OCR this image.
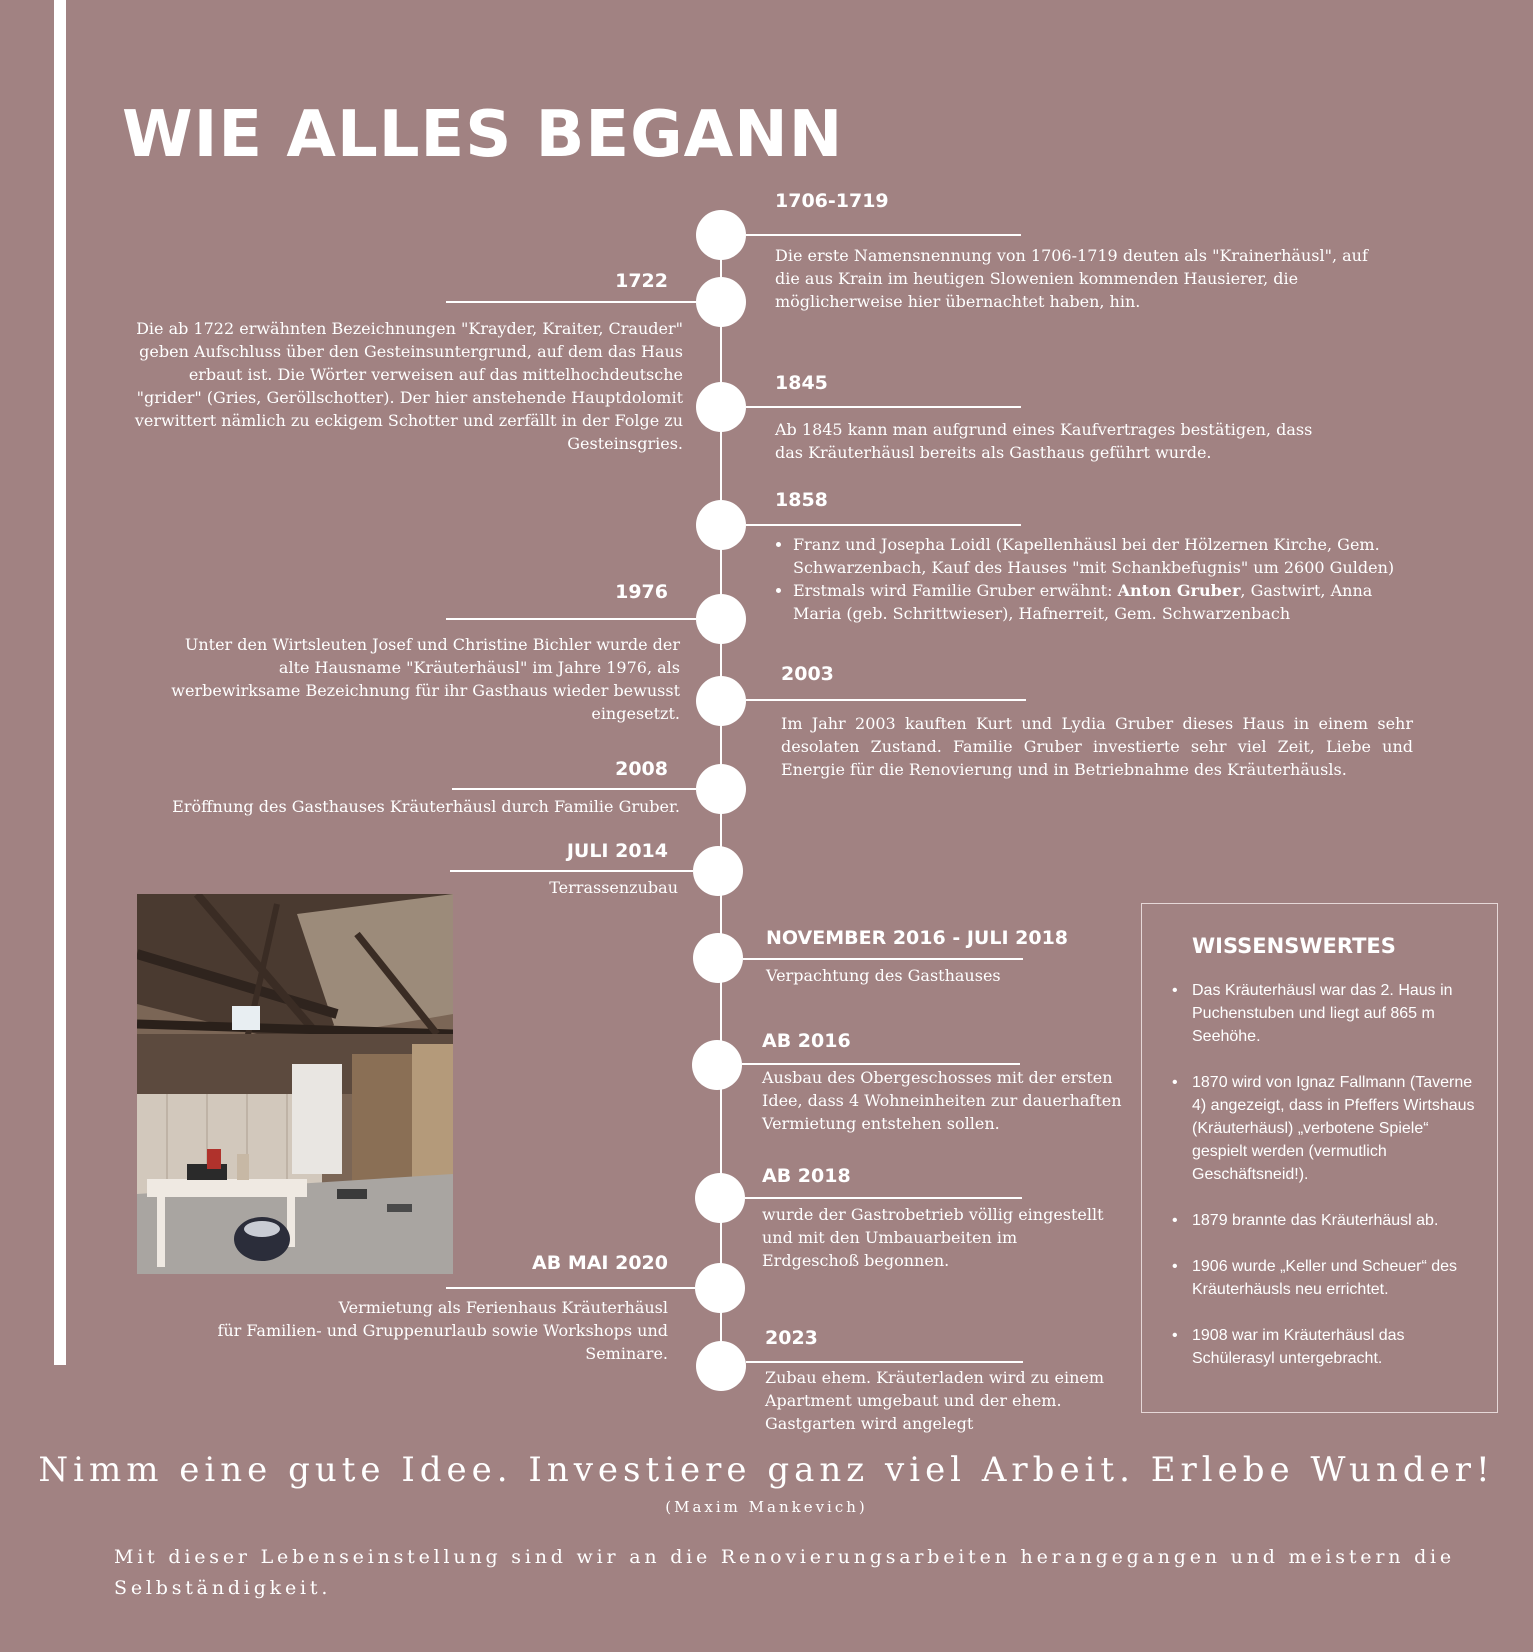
WIE ALLES BEGANN
1706-1719
Die erste Namensnennung von 1706-1719 deuten als "Krainerhäusl", auf die aus Krain im heutigen Slowenien kommenden Hausierer, die möglicherweise hier übernachtet haben, hin.
1722
Die ab 1722 erwähnten Bezeichnungen "Krayder, Kraiter, Crauder" geben Aufschluss über den Gesteinsuntergrund, auf dem das Haus erbaut ist. Die Wörter verweisen auf das mittelhochdeutsche "grider" (Gries, Geröllschotter). Der hier anstehende Hauptdolomit verwittert nämlich zu eckigem Schotter und zerfällt in der Folge zu Gesteinsgries.
1845
Ab 1845 kann man aufgrund eines Kaufvertrages bestätigen, dass das Kräuterhäusl bereits als Gasthaus geführt wurde.
1858
• Franz und Josepha Loidl (Kapellenhäusl bei der Hölzernen Kirche, Gem. Schwarzenbach, Kauf des Hauses "mit Schankbefugnis" um 2600 Gulden)
• Erstmals wird Familie Gruber erwähnt: Anton Gruber, Gastwirt, Anna Maria (geb. Schrittwieser), Hafnerreit, Gem. Schwarzenbach
1976
Unter den Wirtsleuten Josef und Christine Bichler wurde der alte Hausname "Kräuterhäusl" im Jahre 1976, als werbewirksame Bezeichnung für ihr Gasthaus wieder bewusst eingesetzt.
2003
Im Jahr 2003 kauften Kurt und Lydia Gruber dieses Haus in einem sehr desolaten Zustand. Familie Gruber investierte sehr viel Zeit, Liebe und Energie für die Renovierung und in Betriebnahme des Kräuterhäusls.
2008
Eröffnung des Gasthauses Kräuterhäusl durch Familie Gruber.
JULI 2014
Terrassenzubau
NOVEMBER 2016 - JULI 2018
Verpachtung des Gasthauses
AB 2016
Ausbau des Obergeschosses mit der ersten Idee, dass 4 Wohneinheiten zur dauerhaften Vermietung entstehen sollen.
AB 2018
wurde der Gastrobetrieb völlig eingestellt und mit den Umbauarbeiten im Erdgeschoß begonnen.
AB MAI 2020
Vermietung als Ferienhaus Kräuterhäusl
für Familien- und Gruppenurlaub sowie Workshops und Seminare.
2023
Zubau ehem. Kräuterladen wird zu einem Apartment umgebaut und der ehem. Gastgarten wird angelegt
WISSENSWERTES
• Das Kräuterhäusl war das 2. Haus in Puchenstuben und liegt auf 865 m Seehöhe.
• 1870 wird von Ignaz Fallmann (Taverne 4) angezeigt, dass in Pfeffers Wirtshaus (Kräuterhäusl) „verbotene Spiele“ gespielt werden (vermutlich Geschäftsneid!).
• 1879 brannte das Kräuterhäusl ab.
• 1906 wurde „Keller und Scheuer“ des Kräuterhäusls neu errichtet.
• 1908 war im Kräuterhäusl das Schülerasyl untergebracht.
Nimm eine gute Idee. Investiere ganz viel Arbeit. Erlebe Wunder!
(Maxim Mankevich)
Mit dieser Lebenseinstellung sind wir an die Renovierungsarbeiten herangegangen und meistern die Selbständigkeit.
